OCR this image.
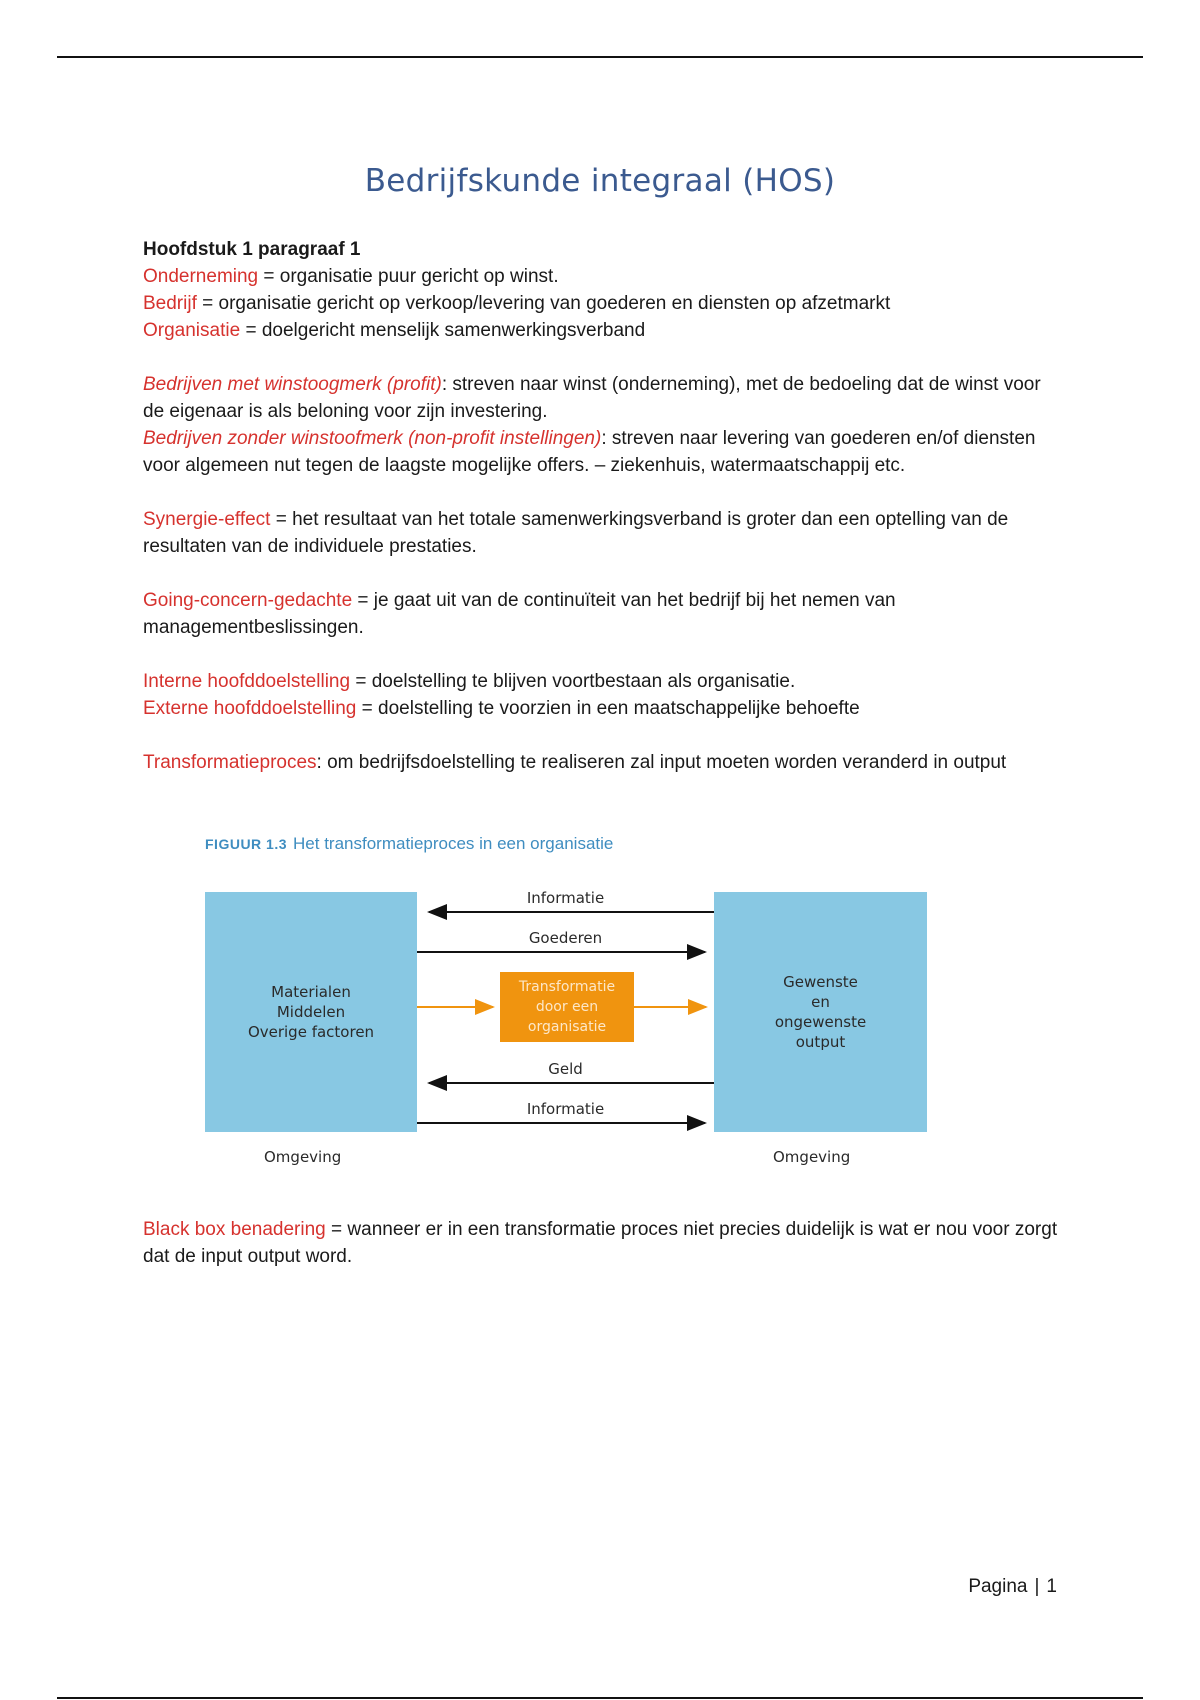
Bedrijfskunde integraal (HOS)

Hoofdstuk 1 paragraaf 1

Onderneming = organisatie puur gericht op winst.

Bedrijf = organisatie gericht op verkoop/levering van goederen en diensten op afzetmarkt

Organisatie = doelgericht menselijk samenwerkingsverband

Bedrijven met winstoogmerk (profit): streven naar winst (onderneming), met de bedoeling dat de winst voor de eigenaar is als beloning voor zijn investering.

Bedrijven zonder winstoofmerk (non-profit instellingen): streven naar levering van goederen en/of diensten voor algemeen nut tegen de laagste mogelijke offers. – ziekenhuis, watermaatschappij etc.

Synergie-effect = het resultaat van het totale samenwerkingsverband is groter dan een optelling van de resultaten van de individuele prestaties.

Going-concern-gedachte = je gaat uit van de continuïteit van het bedrijf bij het nemen van managementbeslissingen.

Interne hoofddoelstelling = doelstelling te blijven voortbestaan als organisatie.

Externe hoofddoelstelling = doelstelling te voorzien in een maatschappelijke behoefte

Transformatieproces: om bedrijfsdoelstelling te realiseren zal input moeten worden veranderd in output

FIGUUR 1.3 Het transformatieproces in een organisatie
Materialen
Middelen
Overige factoren
Gewenste
en
ongewenste
output
Informatie
Goederen
Geld
Informatie
Transformatie
door een
organisatie
Omgeving	Omgeving

Black box benadering = wanneer er in een transformatie proces niet precies duidelijk is wat er nou voor zorgt dat de input output word.

Pagina | 1
